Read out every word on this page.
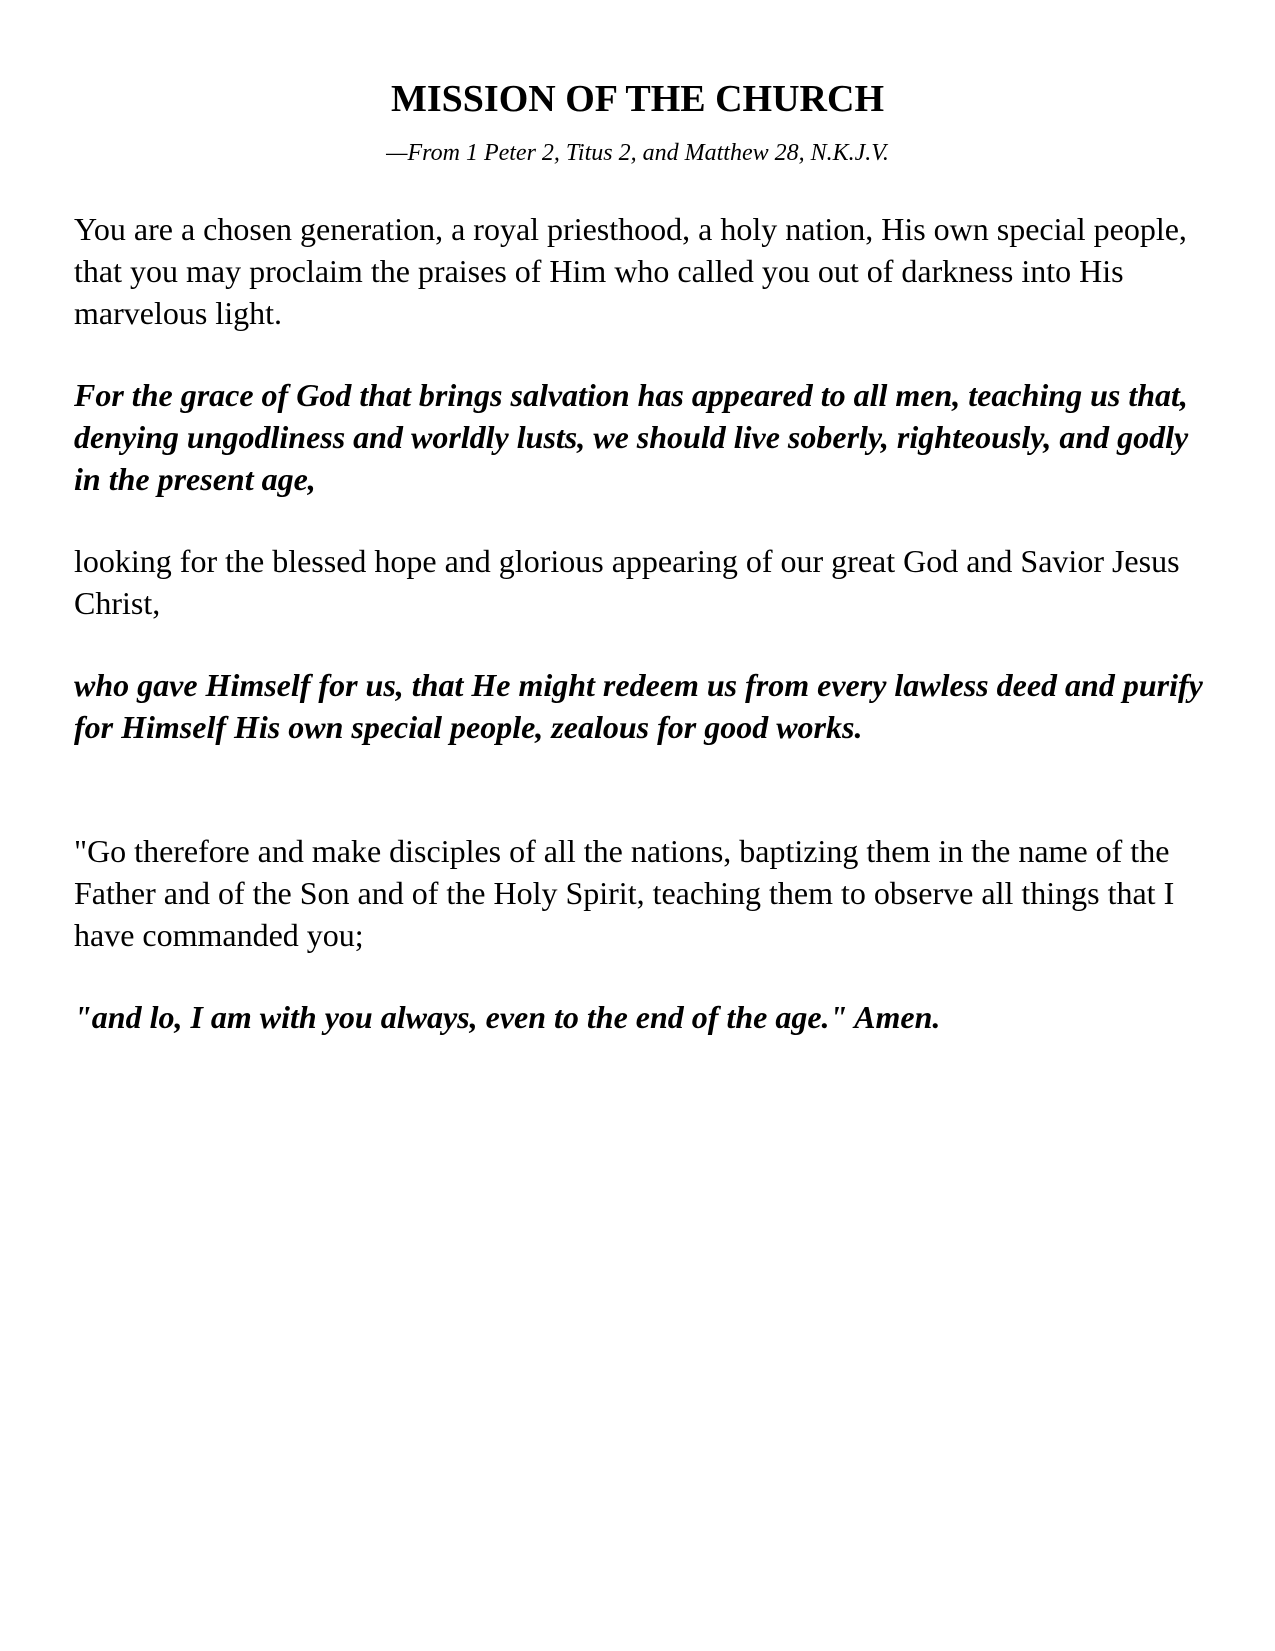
MISSION OF THE CHURCH

—From 1 Peter 2, Titus 2, and Matthew 28, N.K.J.V.

You are a chosen generation, a royal priesthood, a holy nation, His own special people, that you may proclaim the praises of Him who called you out of darkness into His marvelous light.

For the grace of God that brings salvation has appeared to all men, teaching us that, denying ungodliness and worldly lusts, we should live soberly, righteously, and godly in the present age,

looking for the blessed hope and glorious appearing of our great God and Savior Jesus Christ,

who gave Himself for us, that He might redeem us from every lawless deed and purify for Himself His own special people, zealous for good works.

"Go therefore and make disciples of all the nations, baptizing them in the name of the Father and of the Son and of the Holy Spirit, teaching them to observe all things that I have commanded you;

"and lo, I am with you always, even to the end of the age." Amen.
